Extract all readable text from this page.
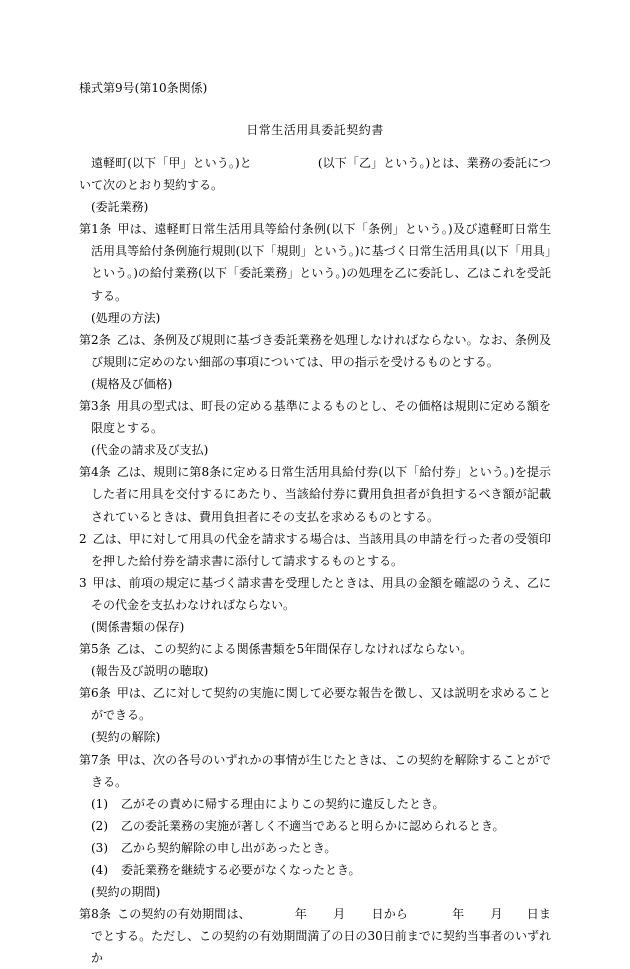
様式第9号(第10条関係)
日常生活用具委託契約書

遠軽町(以下「甲」という。)と	(以下「乙」という。)とは、業務の委託について次のとおり契約する。

(委託業務)

第1条 甲は、遠軽町日常生活用具等給付条例(以下「条例」という。)及び遠軽町日常生活用具等給付条例施行規則(以下「規則」という。)に基づく日常生活用具(以下「用具」という。)の給付業務(以下「委託業務」という。)の処理を乙に委託し、乙はこれを受託する。

(処理の方法)

第2条 乙は、条例及び規則に基づき委託業務を処理しなければならない。なお、条例及び規則に定めのない細部の事項については、甲の指示を受けるものとする。

(規格及び価格)

第3条 用具の型式は、町長の定める基準によるものとし、その価格は規則に定める額を限度とする。

(代金の請求及び支払)

第4条 乙は、規則に第8条に定める日常生活用具給付券(以下「給付券」という。)を提示した者に用具を交付するにあたり、当該給付券に費用負担者が負担するべき額が記載されているときは、費用負担者にその支払を求めるものとする。

2 乙は、甲に対して用具の代金を請求する場合は、当該用具の申請を行った者の受領印を押した給付券を請求書に添付して請求するものとする。

3 甲は、前項の規定に基づく請求書を受理したときは、用具の金額を確認のうえ、乙にその代金を支払わなければならない。

(関係書類の保存)

第5条 乙は、この契約による関係書類を5年間保存しなければならない。

(報告及び説明の聴取)

第6条 甲は、乙に対して契約の実施に関して必要な報告を徴し、又は説明を求めることができる。

(契約の解除)

第7条 甲は、次の各号のいずれかの事情が生じたときは、この契約を解除することができる。

(1) 乙がその責めに帰する理由によりこの契約に違反したとき。

(2) 乙の委託業務の実施が著しく不適当であると明らかに認められるとき。

(3) 乙から契約解除の申し出があったとき。

(4) 委託業務を継続する必要がなくなったとき。

(契約の期間)

第8条 この契約の有効期間は、	年 月 日から	年 月 日までとする。ただし、この契約の有効期間満了の日の30日前までに契約当事者のいずれか
